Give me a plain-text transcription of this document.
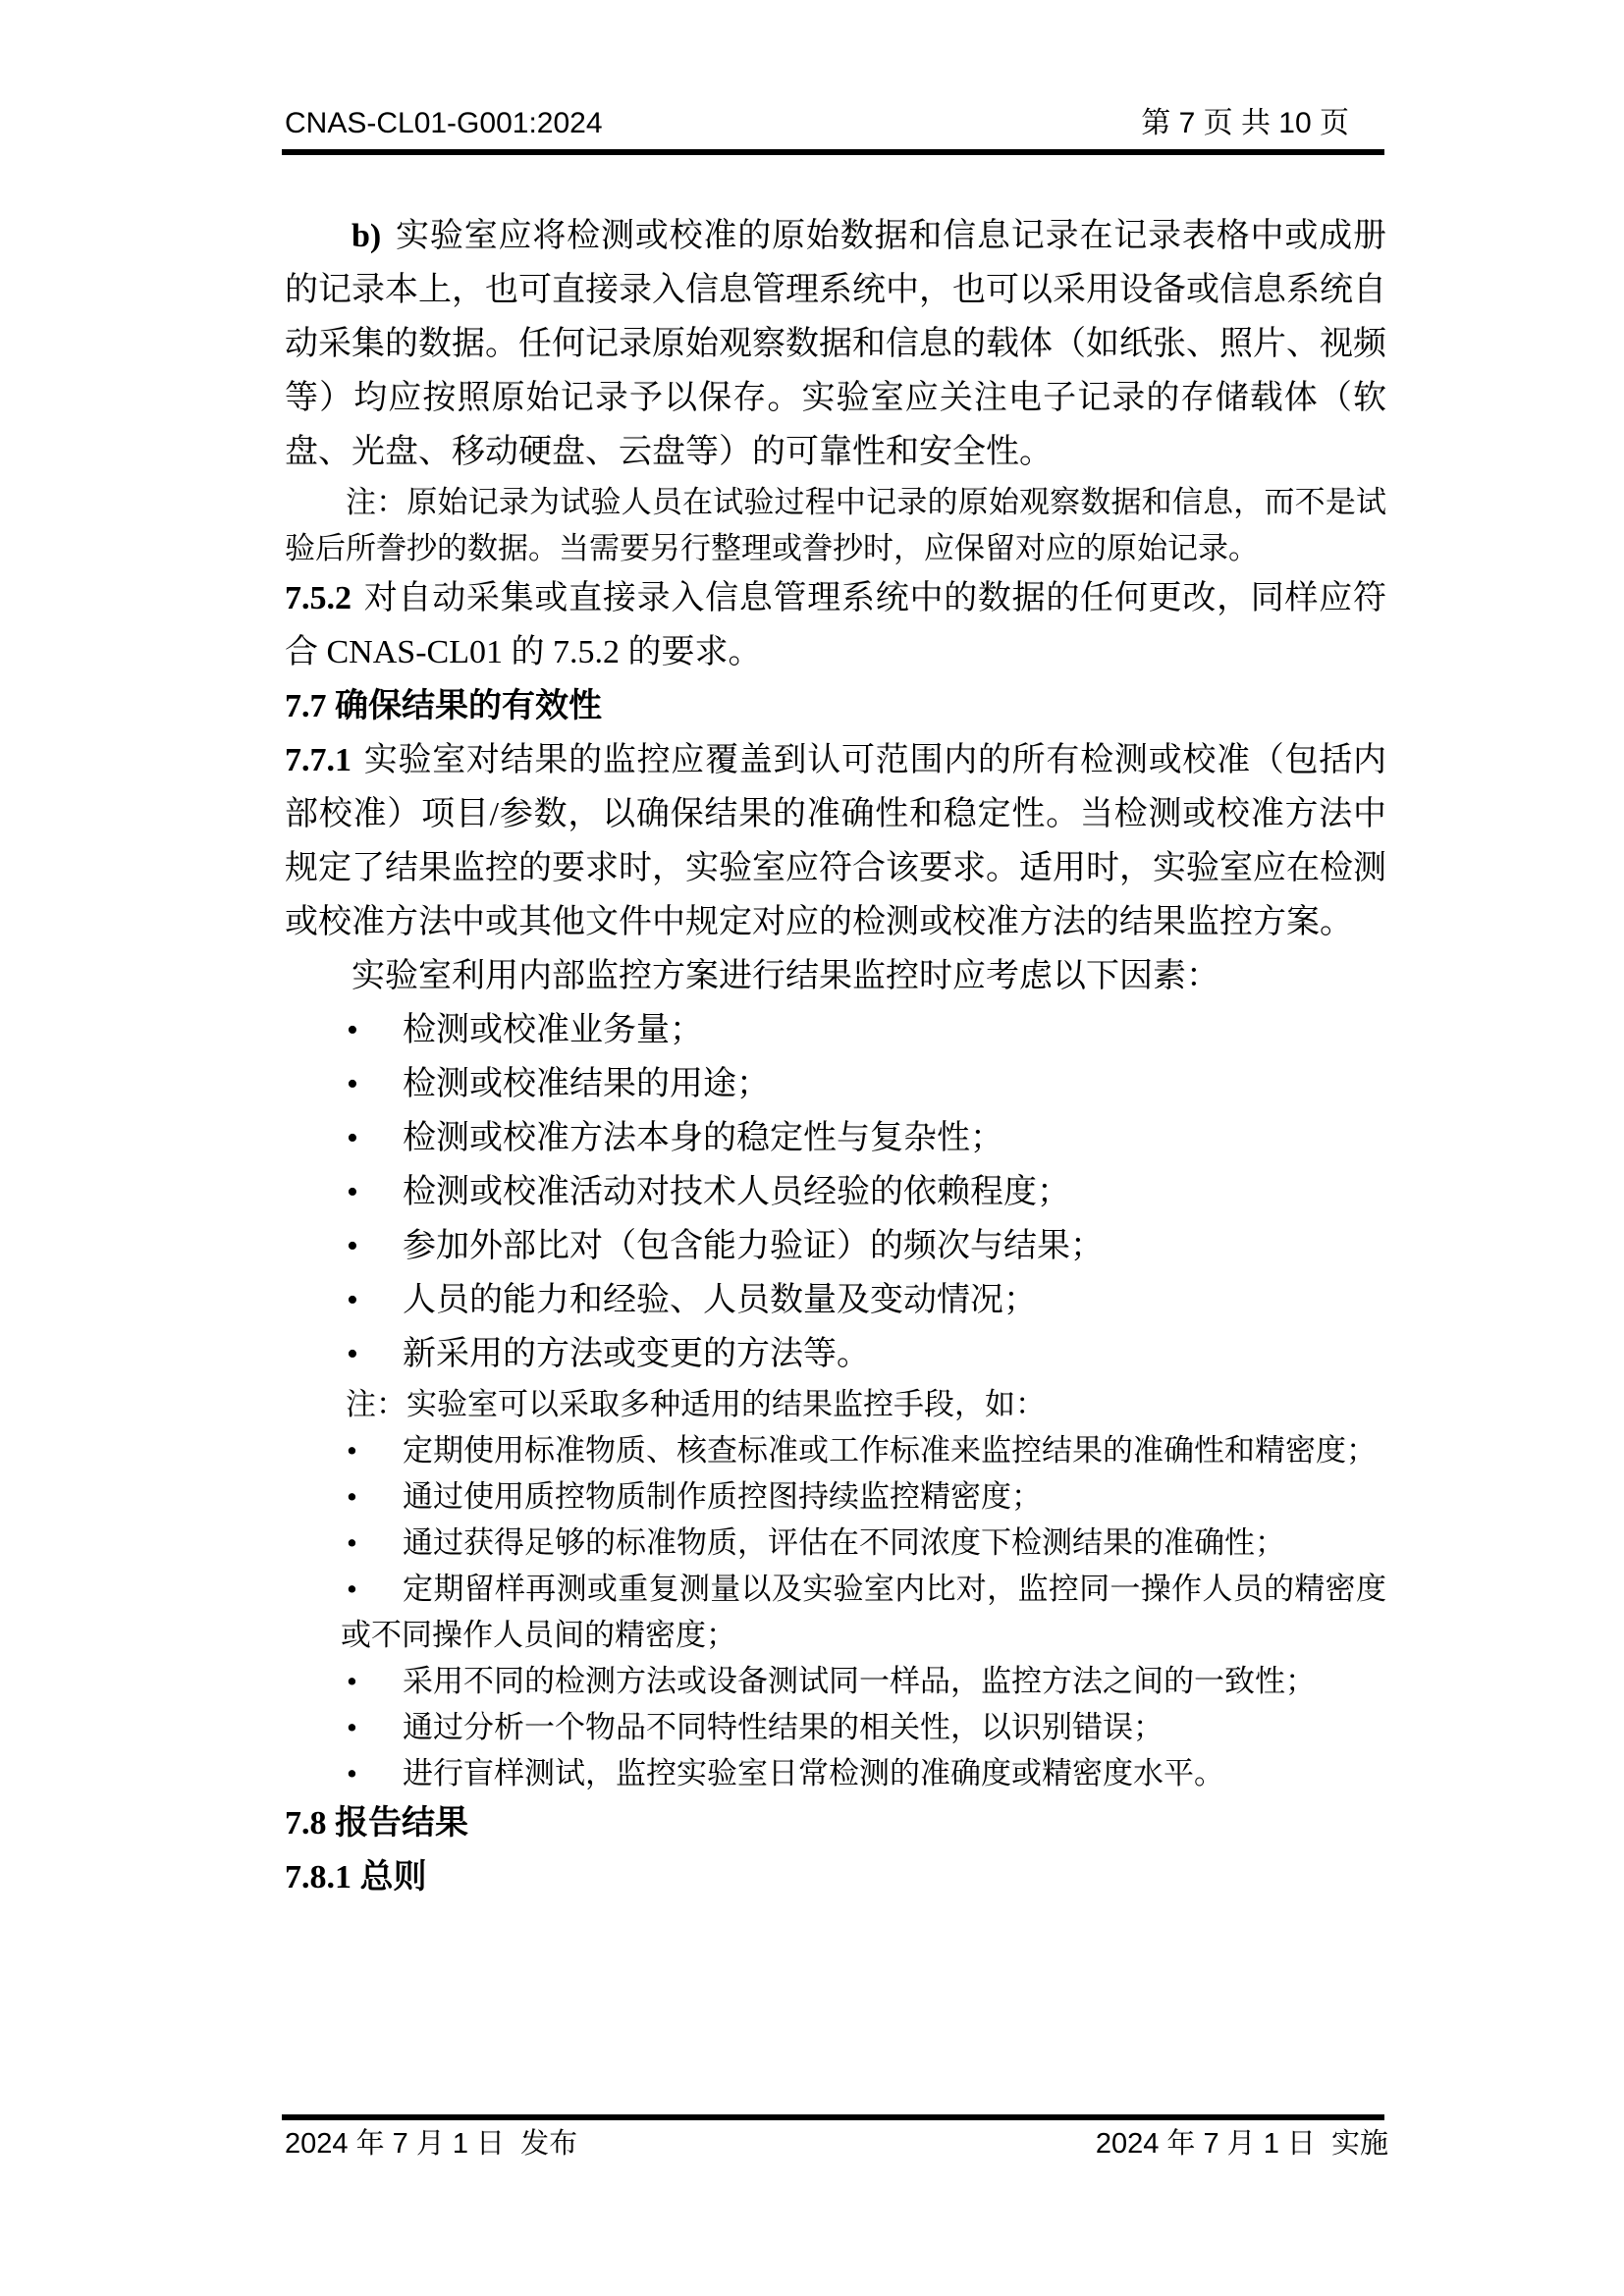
CNAS-CL01-G001:2024	第 7 页 共 10 页

b) 实验室应将检测或校准的原始数据和信息记录在记录表格中或成册的记录本上，也可直接录入信息管理系统中，也可以采用设备或信息系统自动采集的数据。任何记录原始观察数据和信息的载体（如纸张、照片、视频等）均应按照原始记录予以保存。实验室应关注电子记录的存储载体（软盘、光盘、移动硬盘、云盘等）的可靠性和安全性。

注：原始记录为试验人员在试验过程中记录的原始观察数据和信息，而不是试验后所誊抄的数据。当需要另行整理或誊抄时，应保留对应的原始记录。

7.5.2 对自动采集或直接录入信息管理系统中的数据的任何更改，同样应符合 CNAS-CL01 的 7.5.2 的要求。

7.7 确保结果的有效性

7.7.1 实验室对结果的监控应覆盖到认可范围内的所有检测或校准（包括内部校准）项目/参数，以确保结果的准确性和稳定性。当检测或校准方法中规定了结果监控的要求时，实验室应符合该要求。适用时，实验室应在检测或校准方法中或其他文件中规定对应的检测或校准方法的结果监控方案。

实验室利用内部监控方案进行结果监控时应考虑以下因素：

• 检测或校准业务量；
• 检测或校准结果的用途；
• 检测或校准方法本身的稳定性与复杂性；
• 检测或校准活动对技术人员经验的依赖程度；
• 参加外部比对（包含能力验证）的频次与结果；
• 人员的能力和经验、人员数量及变动情况；
• 新采用的方法或变更的方法等。

注：实验室可以采取多种适用的结果监控手段，如：

• 定期使用标准物质、核查标准或工作标准来监控结果的准确性和精密度；
• 通过使用质控物质制作质控图持续监控精密度；
• 通过获得足够的标准物质，评估在不同浓度下检测结果的准确性；
• 定期留样再测或重复测量以及实验室内比对，监控同一操作人员的精密度或不同操作人员间的精密度；
• 采用不同的检测方法或设备测试同一样品，监控方法之间的一致性；
• 通过分析一个物品不同特性结果的相关性，以识别错误；
• 进行盲样测试，监控实验室日常检测的准确度或精密度水平。
7.8 报告结果
7.8.1 总则
2024 年 7 月 1 日  发布	2024 年 7 月 1 日  实施
